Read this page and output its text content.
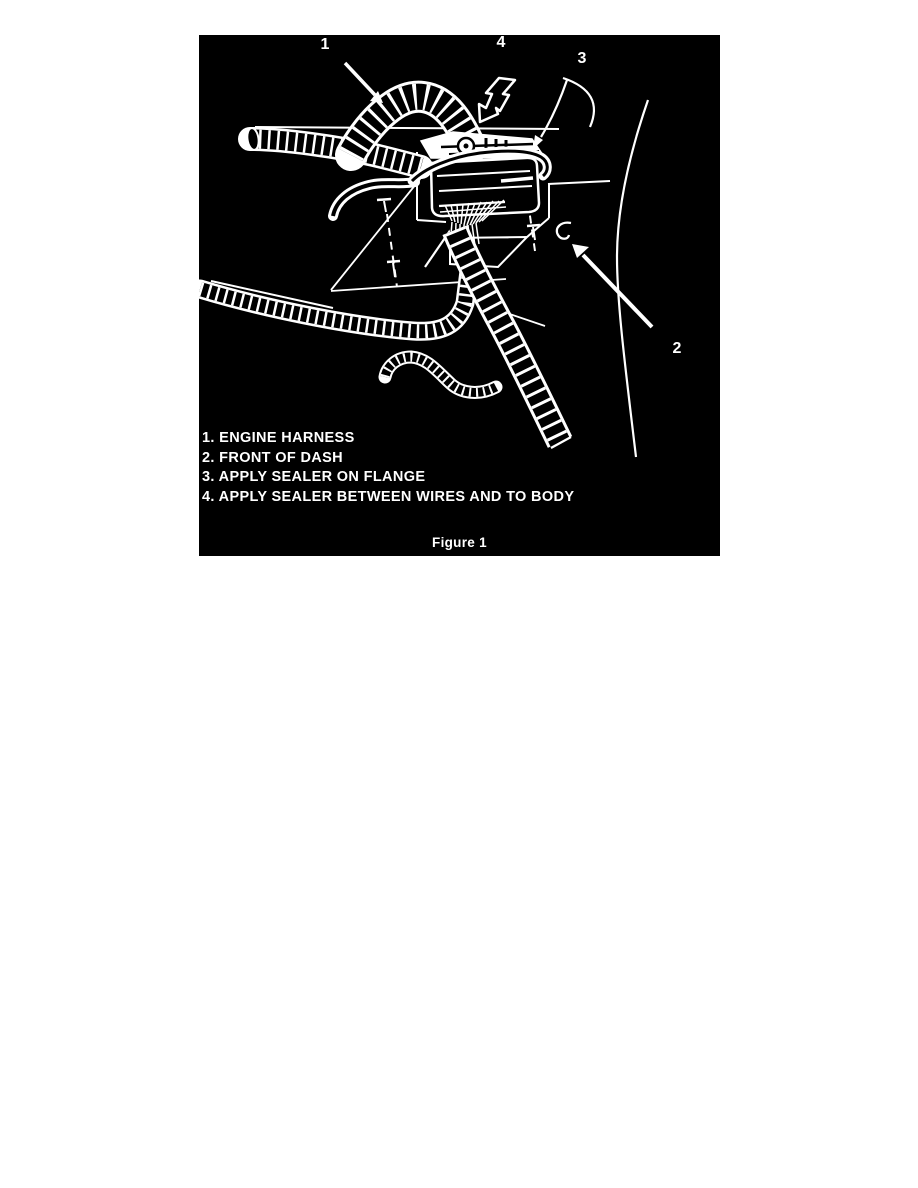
1	4
3
2
1. ENGINE HARNESS
2. FRONT OF DASH
3. APPLY SEALER ON FLANGE
4. APPLY SEALER BETWEEN WIRES AND TO BODY
Figure 1
